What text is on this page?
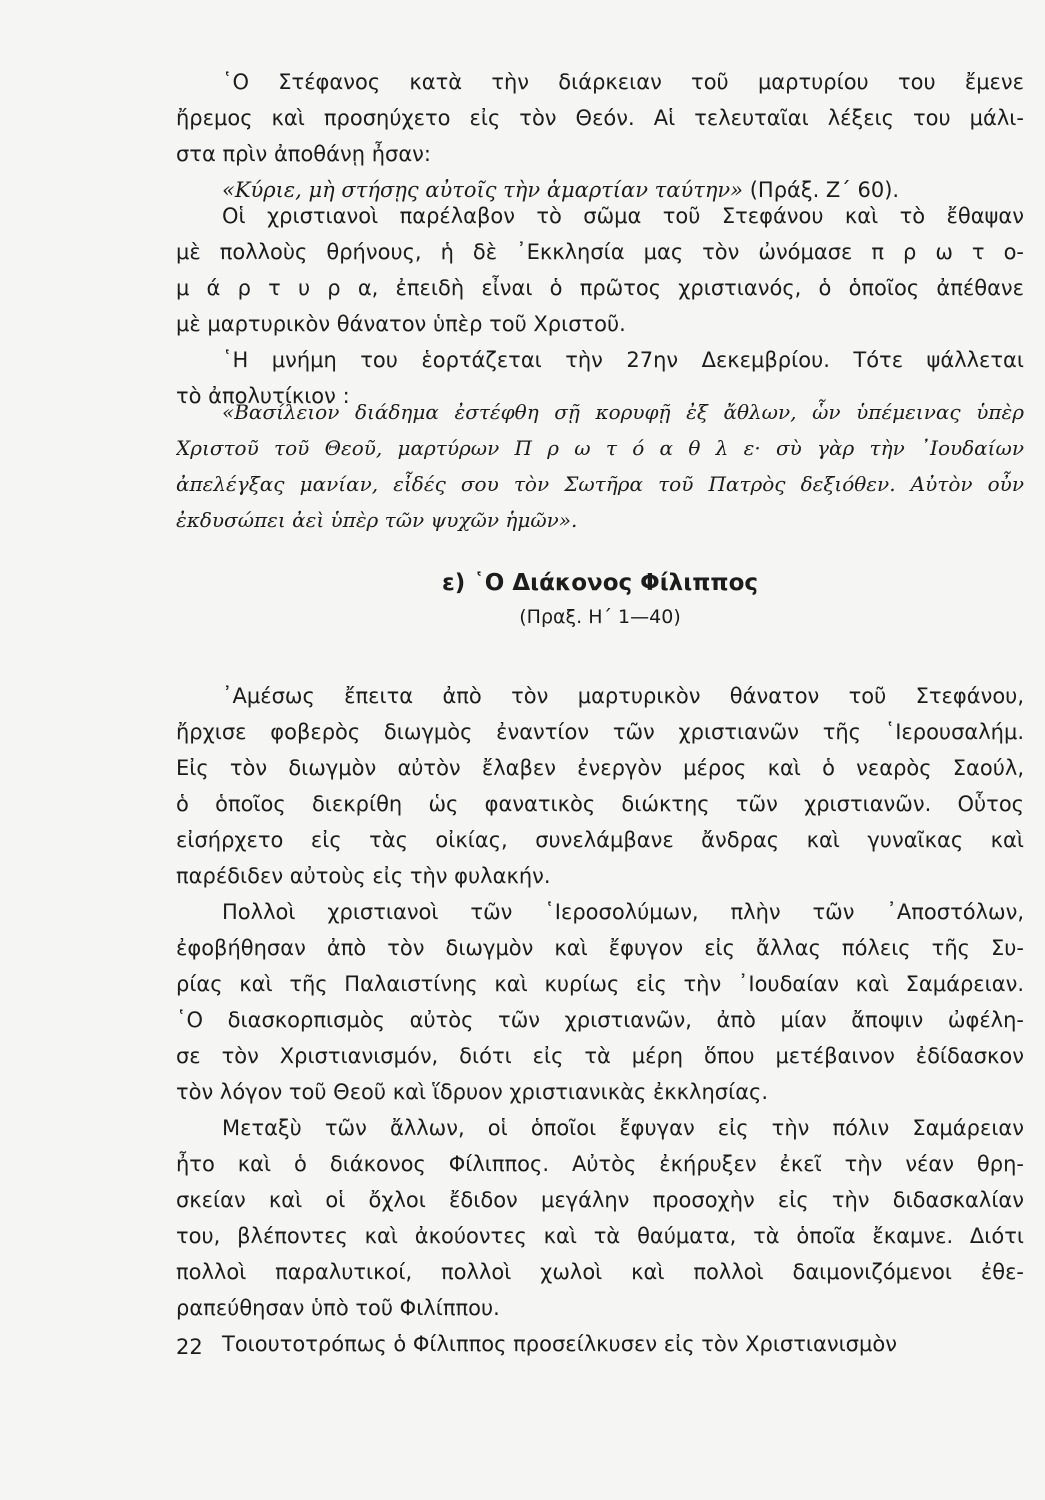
῾Ο Στέφανος κατὰ τὴν διάρκειαν τοῦ μαρτυρίου του ἔμενε
ἤρεμος καὶ προσηύχετο εἰς τὸν Θεόν. Αἱ τελευταῖαι λέξεις του μάλι-
στα πρὶν ἀποθάνῃ ἦσαν:
«Κύριε, μὴ στήσῃς αὐτοῖς τὴν ἁμαρτίαν ταύτην» (Πράξ. Ζ΄ 60).
Οἱ χριστιανοὶ παρέλαβον τὸ σῶμα τοῦ Στεφάνου καὶ τὸ ἔθαψαν
μὲ πολλοὺς θρήνους, ἡ δὲ ᾿Εκκλησία μας τὸν ὠνόμασε π ρ ω τ ο-
μ ά ρ τ υ ρ α, ἐπειδὴ εἶναι ὁ πρῶτος χριστιανός, ὁ ὁποῖος ἀπέθανε
μὲ μαρτυρικὸν θάνατον ὑπὲρ τοῦ Χριστοῦ.
῾Η μνήμη του ἑορτάζεται τὴν 27ην Δεκεμβρίου. Τότε ψάλλεται
τὸ ἀπολυτίκιον :
«Βασίλειον διάδημα ἐστέφθη σῇ κορυφῇ ἐξ ἄθλων, ὧν ὑπέμεινας ὑπὲρ
Χριστοῦ τοῦ Θεοῦ, μαρτύρων Π ρ ω τ ό α θ λ ε· σὺ γὰρ τὴν ᾿Ιουδαίων
ἀπελέγξας μανίαν, εἶδές σου τὸν Σωτῆρα τοῦ Πατρὸς δεξιόθεν. Αὐτὸν οὖν
ἐκδυσώπει ἀεὶ ὑπὲρ τῶν ψυχῶν ἡμῶν».
ε) ῾Ο Διάκονος Φίλιππος
(Πραξ. Η΄ 1—40)
᾿Αμέσως ἔπειτα ἀπὸ τὸν μαρτυρικὸν θάνατον τοῦ Στεφάνου,
ἤρχισε φοβερὸς διωγμὸς ἐναντίον τῶν χριστιανῶν τῆς ῾Ιερουσαλήμ.
Εἰς τὸν διωγμὸν αὐτὸν ἔλαβεν ἐνεργὸν μέρος καὶ ὁ νεαρὸς Σαούλ,
ὁ ὁποῖος διεκρίθη ὡς φανατικὸς διώκτης τῶν χριστιανῶν. Οὗτος
εἰσήρχετο εἰς τὰς οἰκίας, συνελάμβανε ἄνδρας καὶ γυναῖκας καὶ
παρέδιδεν αὐτοὺς εἰς τὴν φυλακήν.
Πολλοὶ χριστιανοὶ τῶν ῾Ιεροσολύμων, πλὴν τῶν ᾿Αποστόλων,
ἐφοβήθησαν ἀπὸ τὸν διωγμὸν καὶ ἔφυγον εἰς ἄλλας πόλεις τῆς Συ-
ρίας καὶ τῆς Παλαιστίνης καὶ κυρίως εἰς τὴν ᾿Ιουδαίαν καὶ Σαμάρειαν.
῾Ο διασκορπισμὸς αὐτὸς τῶν χριστιανῶν, ἀπὸ μίαν ἄποψιν ὠφέλη-
σε τὸν Χριστιανισμόν, διότι εἰς τὰ μέρη ὅπου μετέβαινον ἐδίδασκον
τὸν λόγον τοῦ Θεοῦ καὶ ἵδρυον χριστιανικὰς ἐκκλησίας.
Μεταξὺ τῶν ἄλλων, οἱ ὁποῖοι ἔφυγαν εἰς τὴν πόλιν Σαμάρειαν
ἦτο καὶ ὁ διάκονος Φίλιππος. Αὐτὸς ἐκήρυξεν ἐκεῖ τὴν νέαν θρη-
σκείαν καὶ οἱ ὄχλοι ἔδιδον μεγάλην προσοχὴν εἰς τὴν διδασκαλίαν
του, βλέποντες καὶ ἀκούοντες καὶ τὰ θαύματα, τὰ ὁποῖα ἔκαμνε. Διότι
πολλοὶ παραλυτικοί, πολλοὶ χωλοὶ καὶ πολλοὶ δαιμονιζόμενοι ἐθε-
ραπεύθησαν ὑπὸ τοῦ Φιλίππου.
Τοιουτοτρόπως ὁ Φίλιππος προσείλκυσεν εἰς τὸν Χριστιανισμὸν
22
